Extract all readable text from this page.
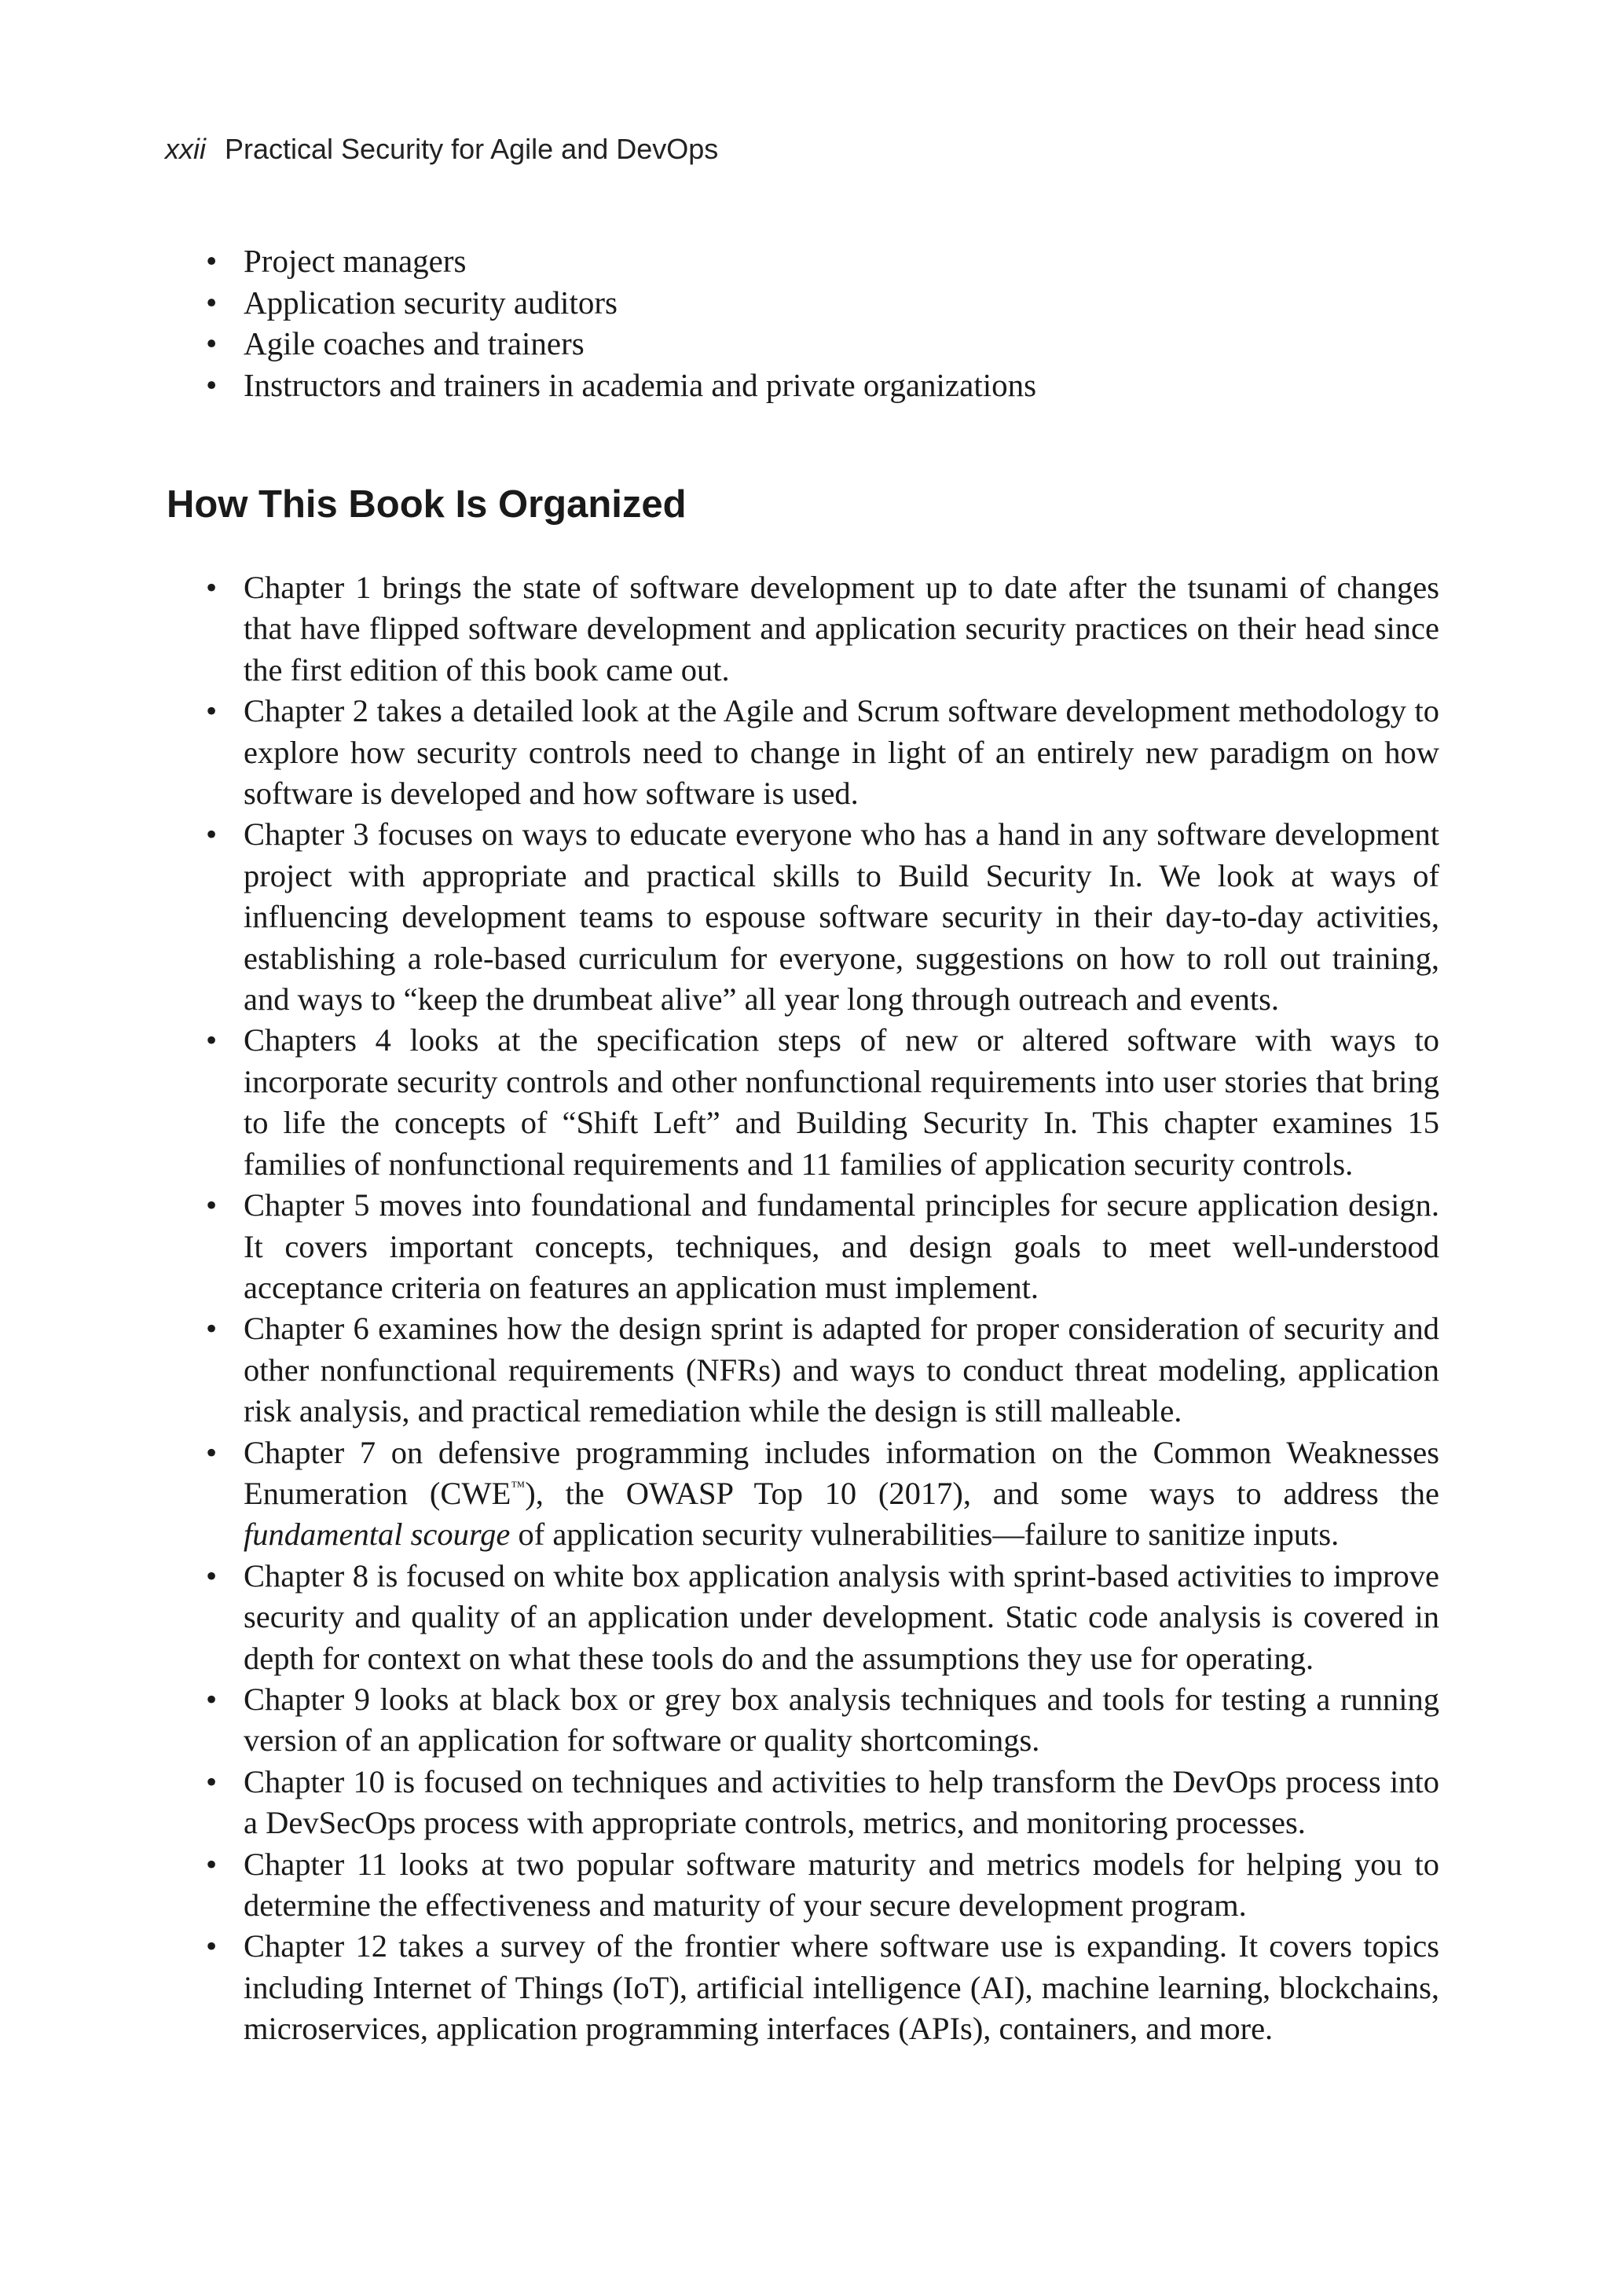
xxii Practical Security for Agile and DevOps
• Project managers
• Application security auditors
• Agile coaches and trainers
• Instructors and trainers in academia and private organizations
How This Book Is Organized
• Chapter 1 brings the state of software development up to date after the tsunami of changes that have flipped software development and application security practices on their head since the first edition of this book came out.
• Chapter 2 takes a detailed look at the Agile and Scrum software development methodology to explore how security controls need to change in light of an entirely new paradigm on how software is developed and how software is used.
• Chapter 3 focuses on ways to educate everyone who has a hand in any software development project with appropriate and practical skills to Build Security In. We look at ways of influencing development teams to espouse software security in their day-to-day activities, establishing a role-based curriculum for everyone, suggestions on how to roll out training, and ways to “keep the drumbeat alive” all year long through outreach and events.
• Chapters 4 looks at the specification steps of new or altered software with ways to incorporate security controls and other nonfunctional requirements into user stories that bring to life the concepts of “Shift Left” and Building Security In. This chapter examines 15 families of nonfunctional requirements and 11 families of application security controls.
• Chapter 5 moves into foundational and fundamental principles for secure application design. It covers important concepts, techniques, and design goals to meet well-understood acceptance criteria on features an application must implement.
• Chapter 6 examines how the design sprint is adapted for proper consideration of security and other nonfunctional requirements (NFRs) and ways to conduct threat modeling, application risk analysis, and practical remediation while the design is still malleable.
• Chapter 7 on defensive programming includes information on the Common Weaknesses Enumeration (CWE™), the OWASP Top 10 (2017), and some ways to address the fundamental scourge of application security vulnerabilities—failure to sanitize inputs.
• Chapter 8 is focused on white box application analysis with sprint-based activities to improve security and quality of an application under development. Static code analysis is covered in depth for context on what these tools do and the assumptions they use for operating.
• Chapter 9 looks at black box or grey box analysis techniques and tools for testing a running version of an application for software or quality shortcomings.
• Chapter 10 is focused on techniques and activities to help transform the DevOps process into a DevSecOps process with appropriate controls, metrics, and monitoring processes.
• Chapter 11 looks at two popular software maturity and metrics models for helping you to determine the effectiveness and maturity of your secure development program.
• Chapter 12 takes a survey of the frontier where software use is expanding. It covers topics including Internet of Things (IoT), artificial intelligence (AI), machine learning, blockchains, microservices, application programming interfaces (APIs), containers, and more.
